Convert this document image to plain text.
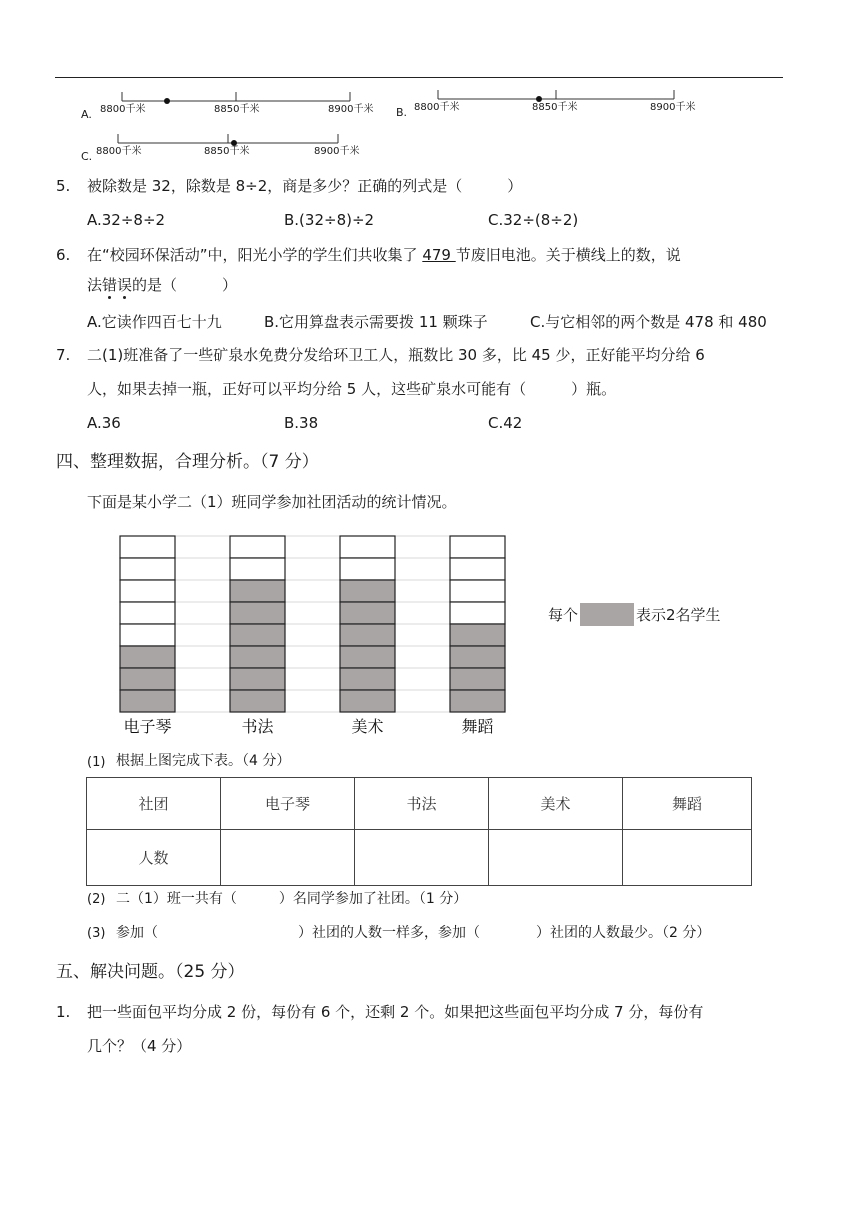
A. 8800千米	8850千米	8900千米 B. 8800千米	8850千米	8900千米
C. 8800千米	8850千米	8900千米
5. 被除数是 32，除数是 8÷2，商是多少？正确的列式是（　　　）
A.32÷8÷2	B.(32÷8)÷2	C.32÷(8÷2)
6. 在“校园环保活动”中，阳光小学的学生们共收集了 479 节废旧电池。关于横线上的数，说
法错误的是（　　　）
A.它读作四百七十九	B.它用算盘表示需要拨 11 颗珠子	C.与它相邻的两个数是 478 和 480
7. 二(1)班准备了一些矿泉水免费分发给环卫工人，瓶数比 30 多，比 45 少，正好能平均分给 6
人，如果去掉一瓶，正好可以平均分给 5 人，这些矿泉水可能有（　　　）瓶。
A.36	B.38	C.42
四、整理数据，合理分析。（7 分）
下面是某小学二（1）班同学参加社团活动的统计情况。
电子琴	书法	美术	舞蹈
每个	表示2名学生
(1) 根据上图完成下表。（4 分）
社团	电子琴	书法	美术	舞蹈
人数				
(2) 二（1）班一共有（　　　）名同学参加了社团。（1 分）
(3) 参加（　　　　　　　　　　）社团的人数一样多，参加（　　　　）社团的人数最少。（2 分）
五、解决问题。（25 分）
1. 把一些面包平均分成 2 份，每份有 6 个，还剩 2 个。如果把这些面包平均分成 7 分，每份有
几个？（4 分）
